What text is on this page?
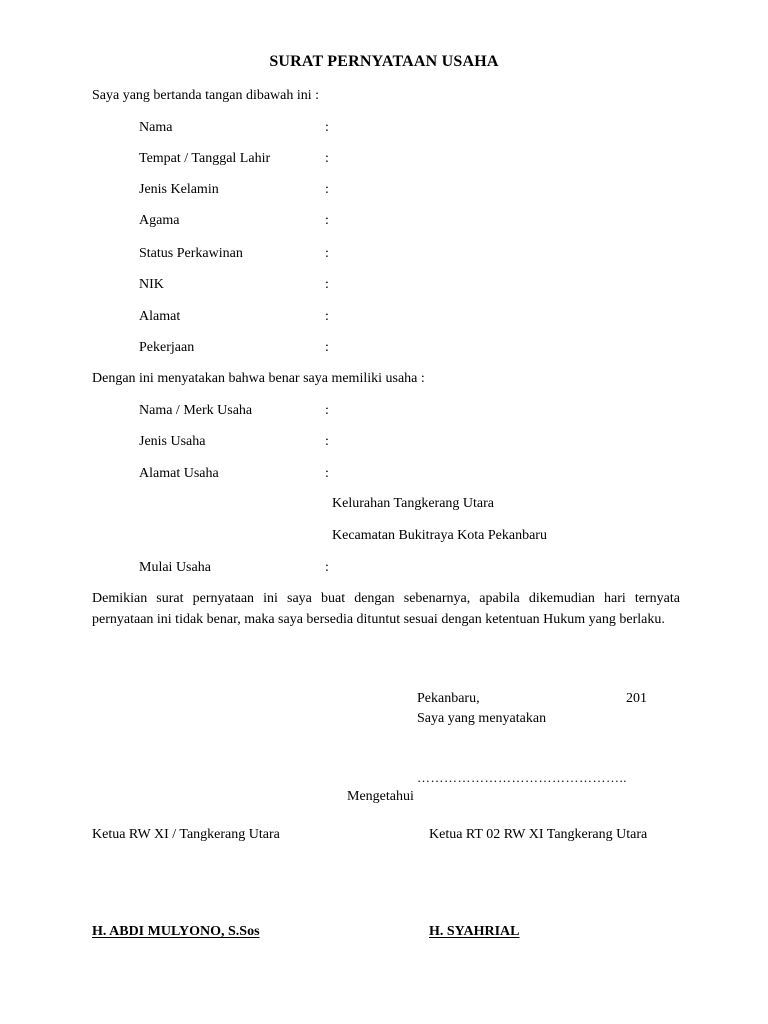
SURAT PERNYATAAN USAHA
Saya yang bertanda tangan dibawah ini :
Nama	:
Tempat / Tanggal Lahir	:
Jenis Kelamin	:
Agama	:
Status Perkawinan	:
NIK	:
Alamat	:
Pekerjaan	:
Dengan ini menyatakan bahwa benar saya memiliki usaha :
Nama / Merk Usaha	:
Jenis Usaha	:
Alamat Usaha	:
Kelurahan Tangkerang Utara
Kecamatan Bukitraya Kota Pekanbaru
Mulai Usaha	:
Demikian surat pernyataan ini saya buat dengan sebenarnya, apabila dikemudian hari ternyata pernyataan ini tidak benar, maka saya bersedia dituntut sesuai dengan ketentuan Hukum yang berlaku.
Pekanbaru,	201
Saya yang menyatakan
………………………………………..
Mengetahui
Ketua RW XI / Tangkerang Utara	Ketua RT 02 RW XI Tangkerang Utara
H. ABDI MULYONO, S.Sos	H. SYAHRIAL
